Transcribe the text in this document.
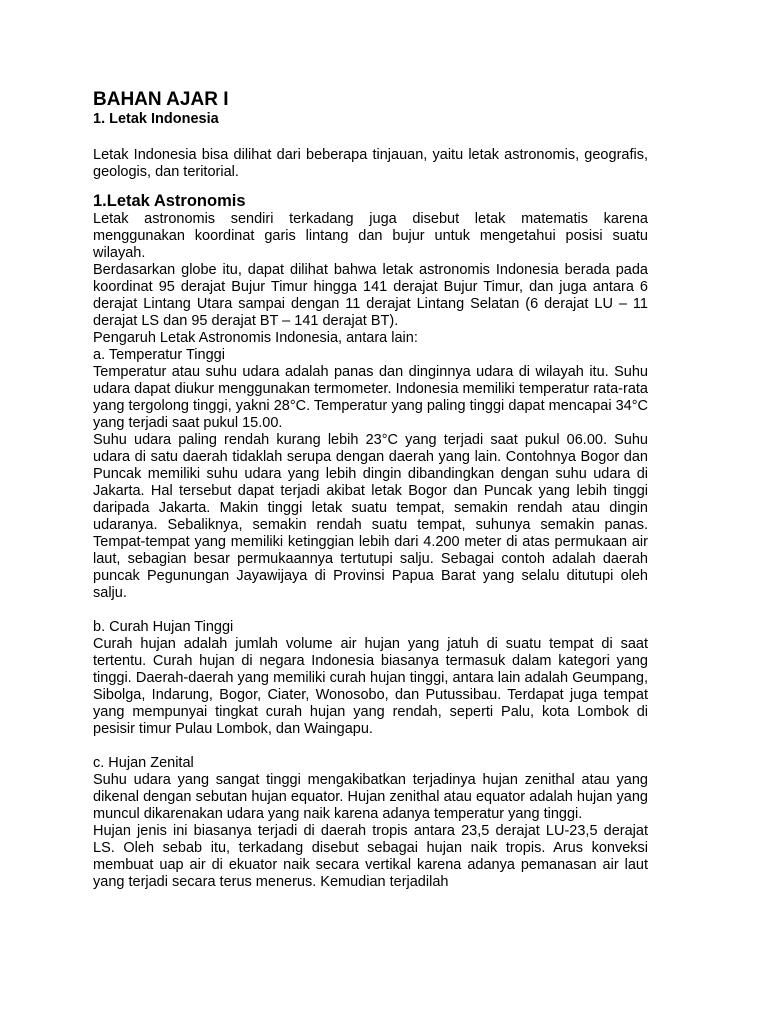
BAHAN AJAR I
1. Letak Indonesia

Letak Indonesia bisa dilihat dari beberapa tinjauan, yaitu letak astronomis, geografis, geologis, dan teritorial.

1.Letak Astronomis

Letak astronomis sendiri terkadang juga disebut letak matematis karena menggunakan koordinat garis lintang dan bujur untuk mengetahui posisi suatu wilayah.

Berdasarkan globe itu, dapat dilihat bahwa letak astronomis Indonesia berada pada koordinat 95 derajat Bujur Timur hingga 141 derajat Bujur Timur, dan juga antara 6 derajat Lintang Utara sampai dengan 11 derajat Lintang Selatan (6 derajat LU – 11 derajat LS dan 95 derajat BT – 141 derajat BT).

Pengaruh Letak Astronomis Indonesia, antara lain:

a. Temperatur Tinggi

Temperatur atau suhu udara adalah panas dan dinginnya udara di wilayah itu. Suhu udara dapat diukur menggunakan termometer. Indonesia memiliki temperatur rata-rata yang tergolong tinggi, yakni 28°C. Temperatur yang paling tinggi dapat mencapai 34°C yang terjadi saat pukul 15.00.

Suhu udara paling rendah kurang lebih 23°C yang terjadi saat pukul 06.00. Suhu udara di satu daerah tidaklah serupa dengan daerah yang lain. Contohnya Bogor dan Puncak memiliki suhu udara yang lebih dingin dibandingkan dengan suhu udara di Jakarta. Hal tersebut dapat terjadi akibat letak Bogor dan Puncak yang lebih tinggi daripada Jakarta. Makin tinggi letak suatu tempat, semakin rendah atau dingin udaranya. Sebaliknya, semakin rendah suatu tempat, suhunya semakin panas. Tempat-tempat yang memiliki ketinggian lebih dari 4.200 meter di atas permukaan air laut, sebagian besar permukaannya tertutupi salju. Sebagai contoh adalah daerah puncak Pegunungan Jayawijaya di Provinsi Papua Barat yang selalu ditutupi oleh salju.

b. Curah Hujan Tinggi

Curah hujan adalah jumlah volume air hujan yang jatuh di suatu tempat di saat tertentu. Curah hujan di negara Indonesia biasanya termasuk dalam kategori yang tinggi. Daerah-daerah yang memiliki curah hujan tinggi, antara lain adalah Geumpang, Sibolga, Indarung, Bogor, Ciater, Wonosobo, dan Putussibau. Terdapat juga tempat yang mempunyai tingkat curah hujan yang rendah, seperti Palu, kota Lombok di pesisir timur Pulau Lombok, dan Waingapu.

c. Hujan Zenital

Suhu udara yang sangat tinggi mengakibatkan terjadinya hujan zenithal atau yang dikenal dengan sebutan hujan equator. Hujan zenithal atau equator adalah hujan yang muncul dikarenakan udara yang naik karena adanya temperatur yang tinggi.

Hujan jenis ini biasanya terjadi di daerah tropis antara 23,5 derajat LU-23,5 derajat LS. Oleh sebab itu, terkadang disebut sebagai hujan naik tropis. Arus konveksi membuat uap air di ekuator naik secara vertikal karena adanya pemanasan air laut yang terjadi secara terus menerus. Kemudian terjadilah
